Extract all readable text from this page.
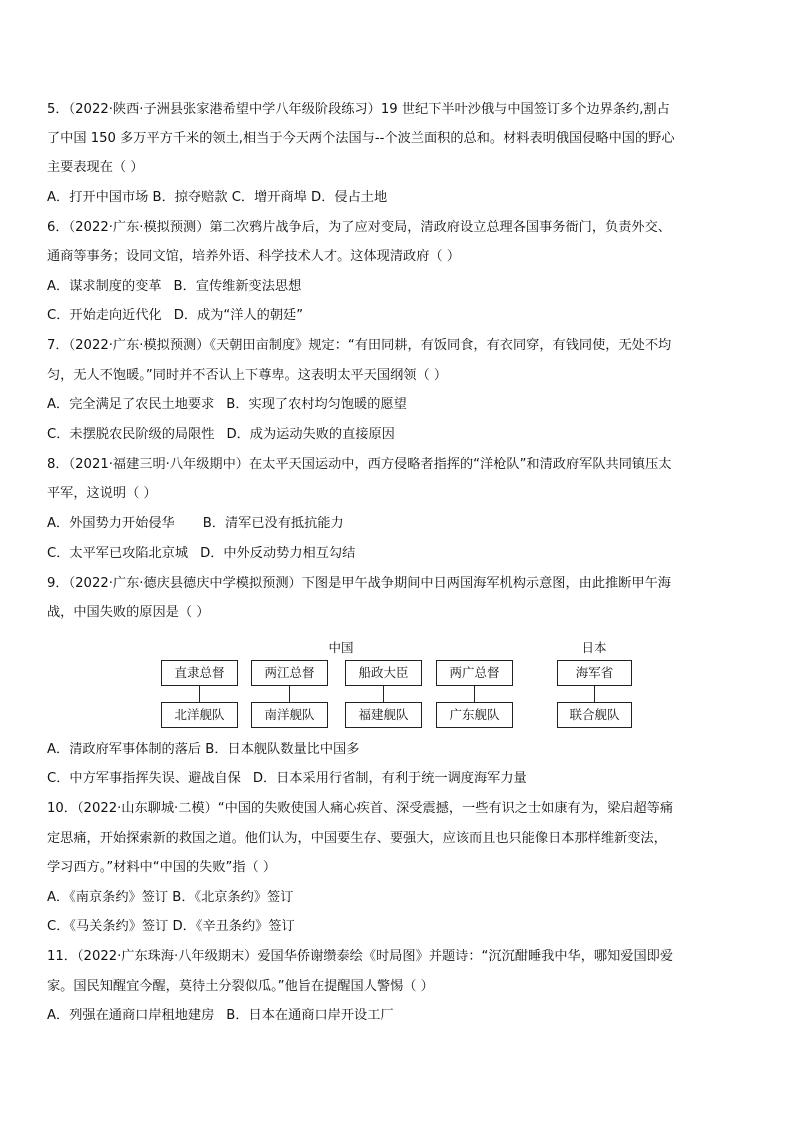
5．（2022·陕西·子洲县张家港希望中学八年级阶段练习）19 世纪下半叶沙俄与中国签订多个边界条约,割占
了中国 150 多万平方千米的领土,相当于今天两个法国与--个波兰面积的总和。材料表明俄国侵略中国的野心
主要表现在（ ）
A．打开中国市场 B．掠夺赔款 C．增开商埠 D．侵占土地
6．（2022·广东·模拟预测）第二次鸦片战争后，为了应对变局，清政府设立总理各国事务衙门，负责外交、
通商等事务；设同文馆，培养外语、科学技术人才。这体现清政府（ ）
A．谋求制度的变革 B．宣传维新变法思想
C．开始走向近代化 D．成为“洋人的朝廷”
7．（2022·广东·模拟预测）《天朝田亩制度》规定：“有田同耕，有饭同食，有衣同穿，有钱同使，无处不均
匀，无人不饱暖。”同时并不否认上下尊卑。这表明太平天国纲领（ ）
A．完全满足了农民土地要求 B．实现了农村均匀饱暖的愿望
C．未摆脱农民阶级的局限性 D．成为运动失败的直接原因
8．（2021·福建三明·八年级期中）在太平天国运动中，西方侵略者指挥的“洋枪队”和清政府军队共同镇压太
平军，这说明（ ）
A．外国势力开始侵华 B．清军已没有抵抗能力
C．太平军已攻陷北京城 D．中外反动势力相互勾结
9．（2022·广东·德庆县德庆中学模拟预测）下图是甲午战争期间中日两国海军机构示意图，由此推断甲午海
战，中国失败的原因是（ ）
中国	日本
直隶总督	两江总督	船政大臣	两广总督	海军省
北洋舰队	南洋舰队	福建舰队	广东舰队	联合舰队
A．清政府军事体制的落后 B．日本舰队数量比中国多
C．中方军事指挥失误、避战自保 D．日本采用行省制，有利于统一调度海军力量
10．（2022·山东聊城·二模）“中国的失败使国人痛心疾首、深受震撼，一些有识之士如康有为，梁启超等痛
定思痛，开始探索新的救国之道。他们认为，中国要生存、要强大，应该而且也只能像日本那样维新变法，
学习西方。”材料中“中国的失败”指（ ）
A．《南京条约》签订 B．《北京条约》签订
C．《马关条约》签订 D．《辛丑条约》签订
11．（2022·广东珠海·八年级期末）爱国华侨谢缵泰绘《时局图》并题诗：“沉沉酣睡我中华，哪知爱国即爱
家。国民知醒宜今醒，莫待土分裂似瓜。”他旨在提醒国人警惕（ ）
A．列强在通商口岸租地建房 B．日本在通商口岸开设工厂
